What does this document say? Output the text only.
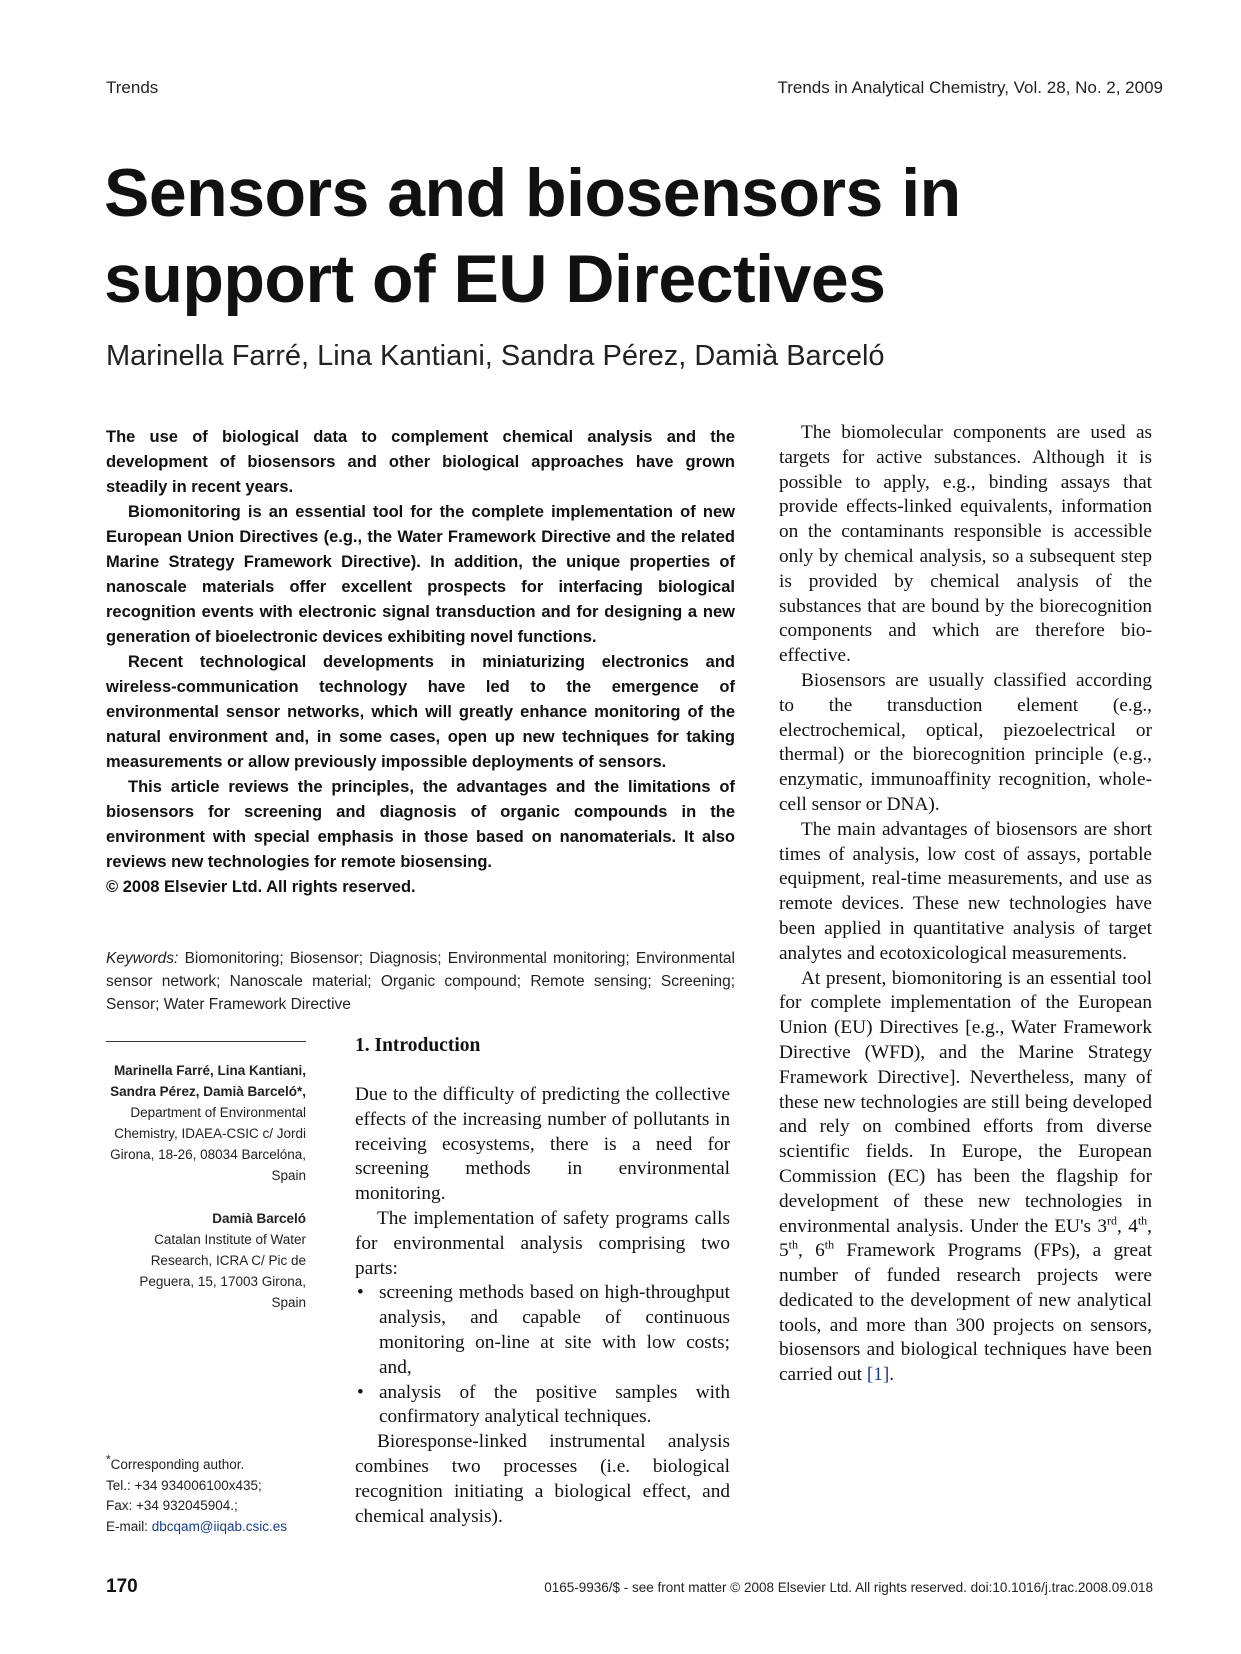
Trends	Trends in Analytical Chemistry, Vol. 28, No. 2, 2009
Sensors and biosensors in support of EU Directives
Marinella Farré, Lina Kantiani, Sandra Pérez, Damià Barceló

The use of biological data to complement chemical analysis and the development of biosensors and other biological approaches have grown steadily in recent years.

Biomonitoring is an essential tool for the complete implementation of new European Union Directives (e.g., the Water Framework Directive and the related Marine Strategy Framework Directive). In addition, the unique properties of nanoscale materials offer excellent prospects for interfacing biological recognition events with electronic signal transduction and for designing a new generation of bioelectronic devices exhibiting novel functions.

Recent technological developments in miniaturizing electronics and wireless-communication technology have led to the emergence of environmental sensor networks, which will greatly enhance monitoring of the natural environment and, in some cases, open up new techniques for taking measurements or allow previously impossible deployments of sensors.

This article reviews the principles, the advantages and the limitations of biosensors for screening and diagnosis of organic compounds in the environment with special emphasis in those based on nanomaterials. It also reviews new technologies for remote biosensing.

© 2008 Elsevier Ltd. All rights reserved.

Keywords: Biomonitoring; Biosensor; Diagnosis; Environmental monitoring; Environmental sensor network; Nanoscale material; Organic compound; Remote sensing; Screening; Sensor; Water Framework Directive
Marinella Farré, Lina Kantiani, Sandra Pérez, Damià Barceló*,
Department of Environmental Chemistry, IDAEA-CSIC c/ Jordi Girona, 18-26, 08034 Barcelóna, Spain
Damià Barceló
Catalan Institute of Water Research, ICRA C/ Pic de Peguera, 15, 17003 Girona, Spain
*Corresponding author.
Tel.: +34 934006100x435;
Fax: +34 932045904.;
E-mail: dbcqam@iiqab.csic.es
1. Introduction

Due to the difficulty of predicting the collective effects of the increasing number of pollutants in receiving ecosystems, there is a need for screening methods in environmental monitoring.

The implementation of safety programs calls for environmental analysis comprising two parts:

• screening methods based on high-throughput analysis, and capable of continuous monitoring on-line at site with low costs; and,
• analysis of the positive samples with confirmatory analytical techniques.

Bioresponse-linked instrumental analysis combines two processes (i.e. biological recognition initiating a biological effect, and chemical analysis).

The biomolecular components are used as targets for active substances. Although it is possible to apply, e.g., binding assays that provide effects-linked equivalents, information on the contaminants responsible is accessible only by chemical analysis, so a subsequent step is provided by chemical analysis of the substances that are bound by the biorecognition components and which are therefore bio-effective.

Biosensors are usually classified according to the transduction element (e.g., electrochemical, optical, piezoelectrical or thermal) or the biorecognition principle (e.g., enzymatic, immunoaffinity recognition, whole-cell sensor or DNA).

The main advantages of biosensors are short times of analysis, low cost of assays, portable equipment, real-time measurements, and use as remote devices. These new technologies have been applied in quantitative analysis of target analytes and ecotoxicological measurements.

At present, biomonitoring is an essential tool for complete implementation of the European Union (EU) Directives [e.g., Water Framework Directive (WFD), and the Marine Strategy Framework Directive]. Nevertheless, many of these new technologies are still being developed and rely on combined efforts from diverse scientific fields. In Europe, the European Commission (EC) has been the flagship for development of these new technologies in environmental analysis. Under the EU's 3rd, 4th, 5th, 6th Framework Programs (FPs), a great number of funded research projects were dedicated to the development of new analytical tools, and more than 300 projects on sensors, biosensors and biological techniques have been carried out [1].

170	0165-9936/$ - see front matter © 2008 Elsevier Ltd. All rights reserved. doi:10.1016/j.trac.2008.09.018
